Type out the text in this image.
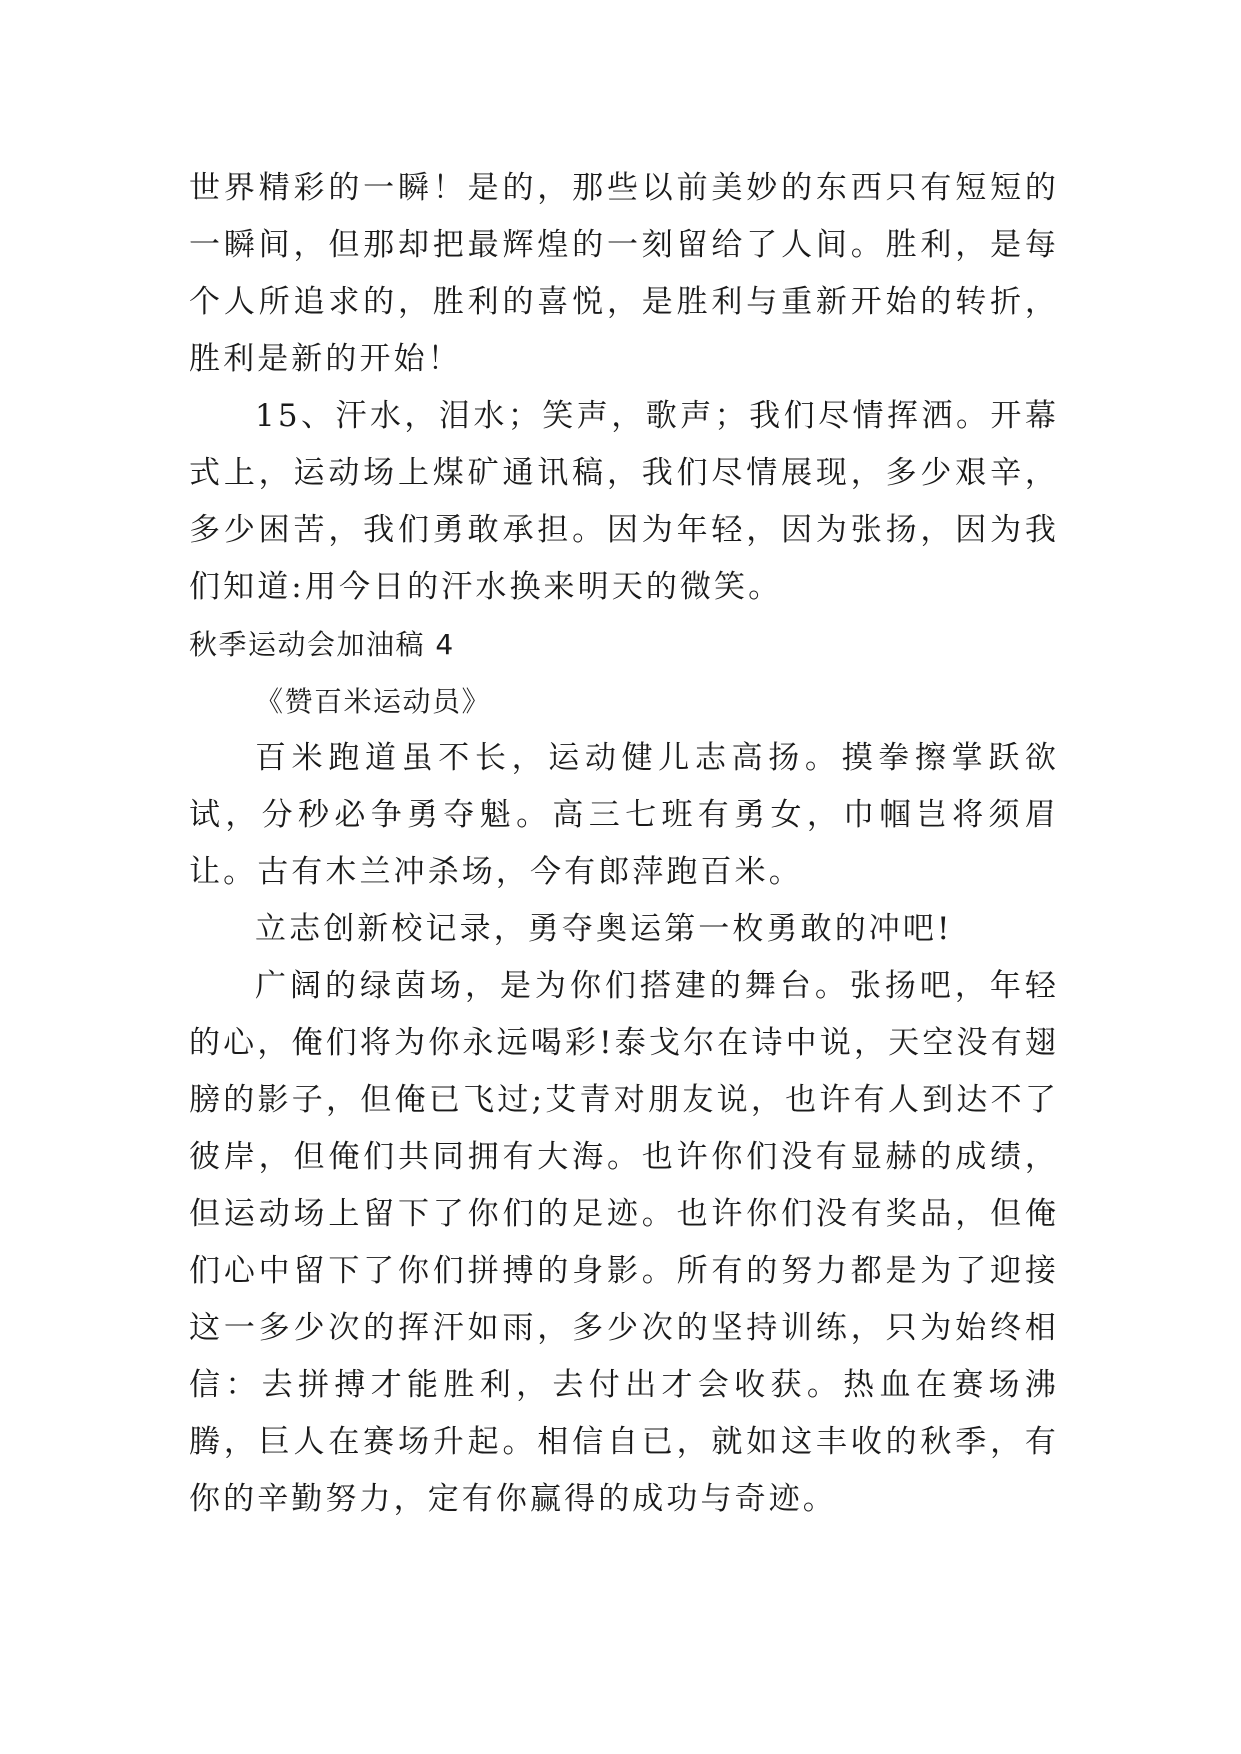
世界精彩的一瞬！是的，那些以前美妙的东西只有短短的一瞬间，但那却把最辉煌的一刻留给了人间。胜利，是每个人所追求的，胜利的喜悦，是胜利与重新开始的转折，胜利是新的开始！

15、汗水，泪水；笑声，歌声；我们尽情挥洒。开幕式上，运动场上煤矿通讯稿，我们尽情展现，多少艰辛，多少困苦，我们勇敢承担。因为年轻，因为张扬，因为我们知道:用今日的汗水换来明天的微笑。

秋季运动会加油稿 4

《赞百米运动员》

百米跑道虽不长，运动健儿志高扬。摸拳擦掌跃欲试，分秒必争勇夺魁。高三七班有勇女，巾帼岂将须眉让。古有木兰冲杀场，今有郎萍跑百米。

立志创新校记录，勇夺奥运第一枚勇敢的冲吧!

广阔的绿茵场，是为你们搭建的舞台。张扬吧，年轻的心，俺们将为你永远喝彩!泰戈尔在诗中说，天空没有翅膀的影子，但俺已飞过;艾青对朋友说，也许有人到达不了彼岸，但俺们共同拥有大海。也许你们没有显赫的成绩，但运动场上留下了你们的足迹。也许你们没有奖品，但俺们心中留下了你们拼搏的身影。所有的努力都是为了迎接这一多少次的挥汗如雨，多少次的坚持训练，只为始终相信：去拼搏才能胜利，去付出才会收获。热血在赛场沸腾，巨人在赛场升起。相信自已，就如这丰收的秋季，有你的辛勤努力，定有你赢得的成功与奇迹。
